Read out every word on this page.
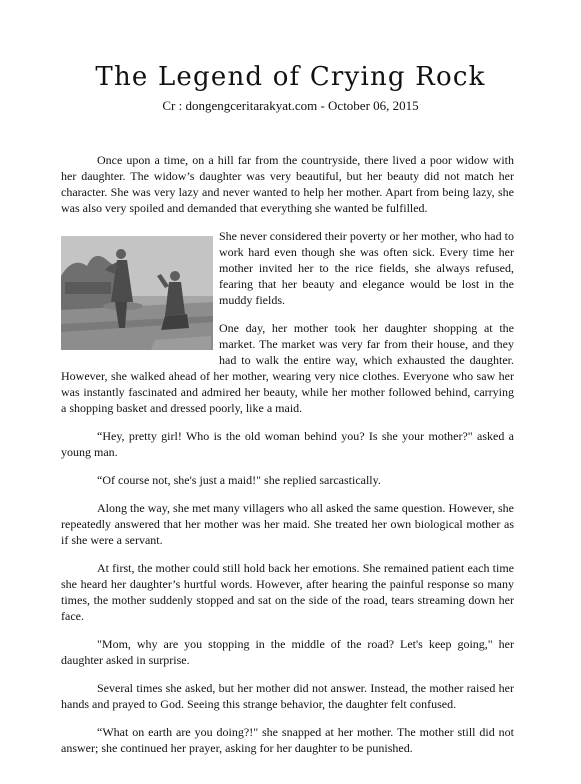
The Legend of Crying Rock

Cr : dongengceritarakyat.com - October 06, 2015

Once upon a time, on a hill far from the countryside, there lived a poor widow with her daughter. The widow’s daughter was very beautiful, but her beauty did not match her character. She was very lazy and never wanted to help her mother. Apart from being lazy, she was also very spoiled and demanded that everything she wanted be fulfilled.

She never considered their poverty or her mother, who had to work hard even though she was often sick. Every time her mother invited her to the rice fields, she always refused, fearing that her beauty and elegance would be lost in the muddy fields.

One day, her mother took her daughter shopping at the market. The market was very far from their house, and they had to walk the entire way, which exhausted the daughter. However, she walked ahead of her mother, wearing very nice clothes. Everyone who saw her was instantly fascinated and admired her beauty, while her mother followed behind, carrying a shopping basket and dressed poorly, like a maid.

“Hey, pretty girl! Who is the old woman behind you? Is she your mother?" asked a young man.

“Of course not, she's just a maid!" she replied sarcastically.

Along the way, she met many villagers who all asked the same question. However, she repeatedly answered that her mother was her maid. She treated her own biological mother as if she were a servant.

At first, the mother could still hold back her emotions. She remained patient each time she heard her daughter’s hurtful words. However, after hearing the painful response so many times, the mother suddenly stopped and sat on the side of the road, tears streaming down her face.

"Mom, why are you stopping in the middle of the road? Let's keep going," her daughter asked in surprise.

Several times she asked, but her mother did not answer. Instead, the mother raised her hands and prayed to God. Seeing this strange behavior, the daughter felt confused.

“What on earth are you doing?!" she snapped at her mother. The mother still did not answer; she continued her prayer, asking for her daughter to be punished.
